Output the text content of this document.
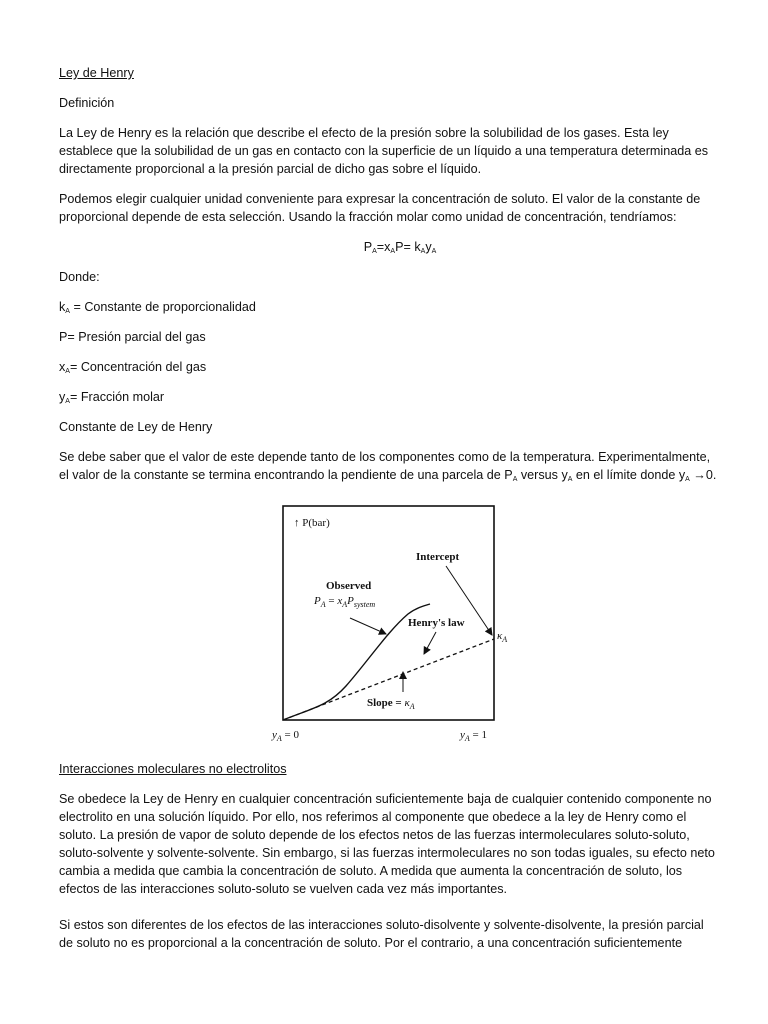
Ley de Henry
Definición

La Ley de Henry es la relación que describe el efecto de la presión sobre la solubilidad de los gases. Esta ley establece que la solubilidad de un gas en contacto con la superficie de un líquido a una temperatura determinada es directamente proporcional a la presión parcial de dicho gas sobre el líquido.

Podemos elegir cualquier unidad conveniente para expresar la concentración de soluto. El valor de la constante de proporcional depende de esta selección. Usando la fracción molar como unidad de concentración, tendríamos:

$P_A=x_AP= k_Ay_A$
Donde:
$k_A$ = Constante de proporcionalidad
P= Presión parcial del gas
$x_A=$ Concentración del gas
$y_A=$ Fracción molar
Constante de Ley de Henry

Se debe saber que el valor de este depende tanto de los componentes como de la temperatura. Experimentalmente, el valor de la constante se termina encontrando la pendiente de una parcela de $P_A$ versus $y_A$ en el límite donde $y_A \to 0$.

↑ P(bar)
Intercept
Observed
$P_A = x_AP_{system}$
Henry's law
$\kappa_A$
Slope = $\kappa_A$
$y_A = 0$	$y_A = 1$
Interacciones moleculares no electrolitos

Se obedece la Ley de Henry en cualquier concentración suficientemente baja de cualquier contenido componente no electrolito en una solución líquido. Por ello, nos referimos al componente que obedece a la ley de Henry como el soluto. La presión de vapor de soluto depende de los efectos netos de las fuerzas intermoleculares soluto-soluto, soluto-solvente y solvente-solvente. Sin embargo, si las fuerzas intermoleculares no son todas iguales, su efecto neto cambia a medida que cambia la concentración de soluto. A medida que aumenta la concentración de soluto, los efectos de las interacciones soluto-soluto se vuelven cada vez más importantes.

Si estos son diferentes de los efectos de las interacciones soluto-disolvente y solvente-disolvente, la presión parcial de soluto no es proporcional a la concentración de soluto. Por el contrario, a una concentración suficientemente
